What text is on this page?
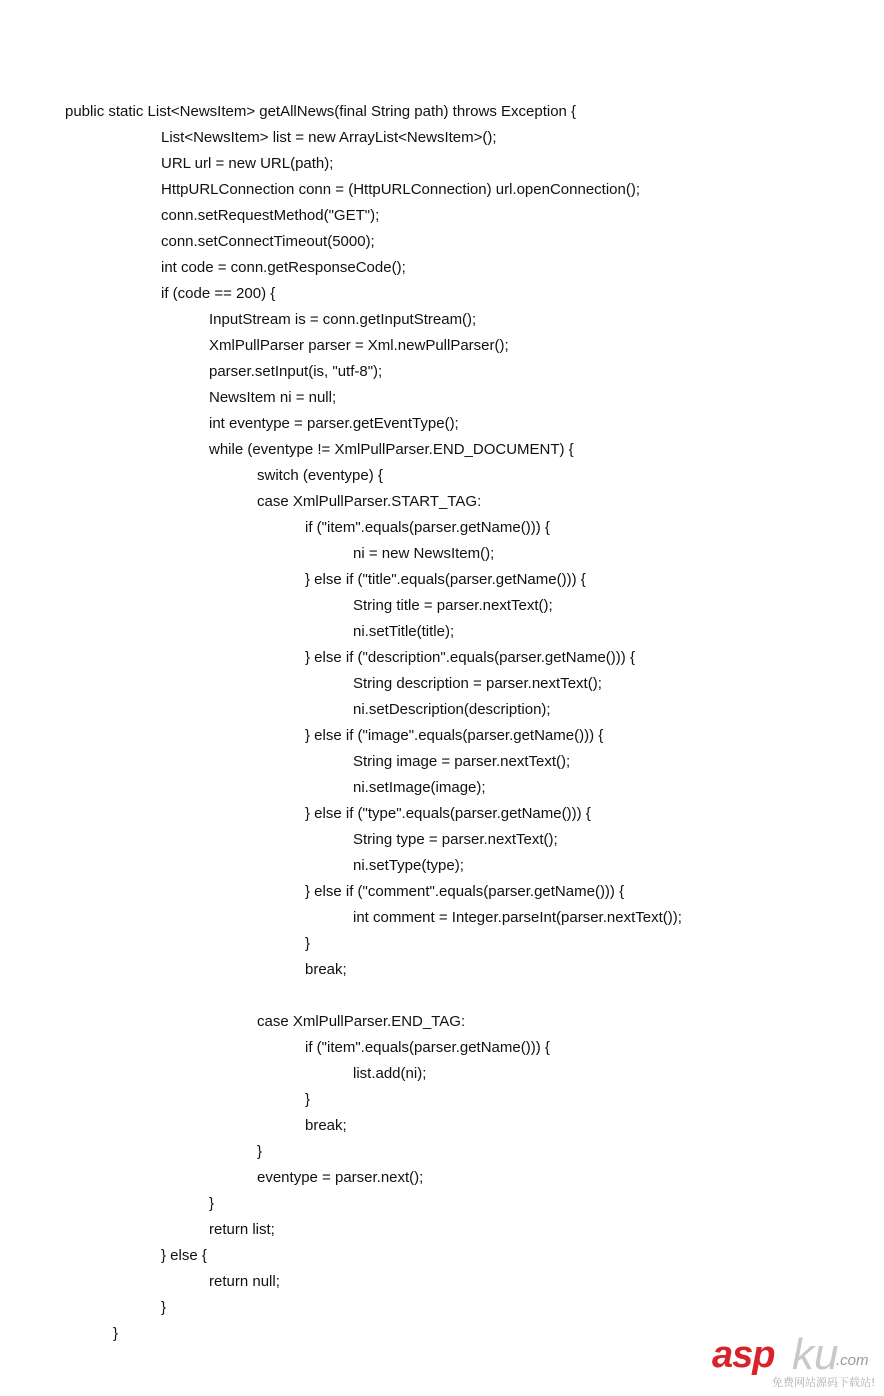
public static List<NewsItem> getAllNews(final String path) throws Exception {
List<NewsItem> list = new ArrayList<NewsItem>();
URL url = new URL(path);
HttpURLConnection conn = (HttpURLConnection) url.openConnection();
conn.setRequestMethod("GET");
conn.setConnectTimeout(5000);
int code = conn.getResponseCode();
if (code == 200) {
InputStream is = conn.getInputStream();
XmlPullParser parser = Xml.newPullParser();
parser.setInput(is, "utf-8");
NewsItem ni = null;
int eventype = parser.getEventType();
while (eventype != XmlPullParser.END_DOCUMENT) {
switch (eventype) {
case XmlPullParser.START_TAG:
if ("item".equals(parser.getName())) {
ni = new NewsItem();
} else if ("title".equals(parser.getName())) {
String title = parser.nextText();
ni.setTitle(title);
} else if ("description".equals(parser.getName())) {
String description = parser.nextText();
ni.setDescription(description);
} else if ("image".equals(parser.getName())) {
String image = parser.nextText();
ni.setImage(image);
} else if ("type".equals(parser.getName())) {
String type = parser.nextText();
ni.setType(type);
} else if ("comment".equals(parser.getName())) {
int comment = Integer.parseInt(parser.nextText());
}
break;
case XmlPullParser.END_TAG:
if ("item".equals(parser.getName())) {
list.add(ni);
}
break;
}
eventype = parser.next();
}
return list;
} else {
return null;
}
}
asp ku
.com
免费网站源码下载站!
